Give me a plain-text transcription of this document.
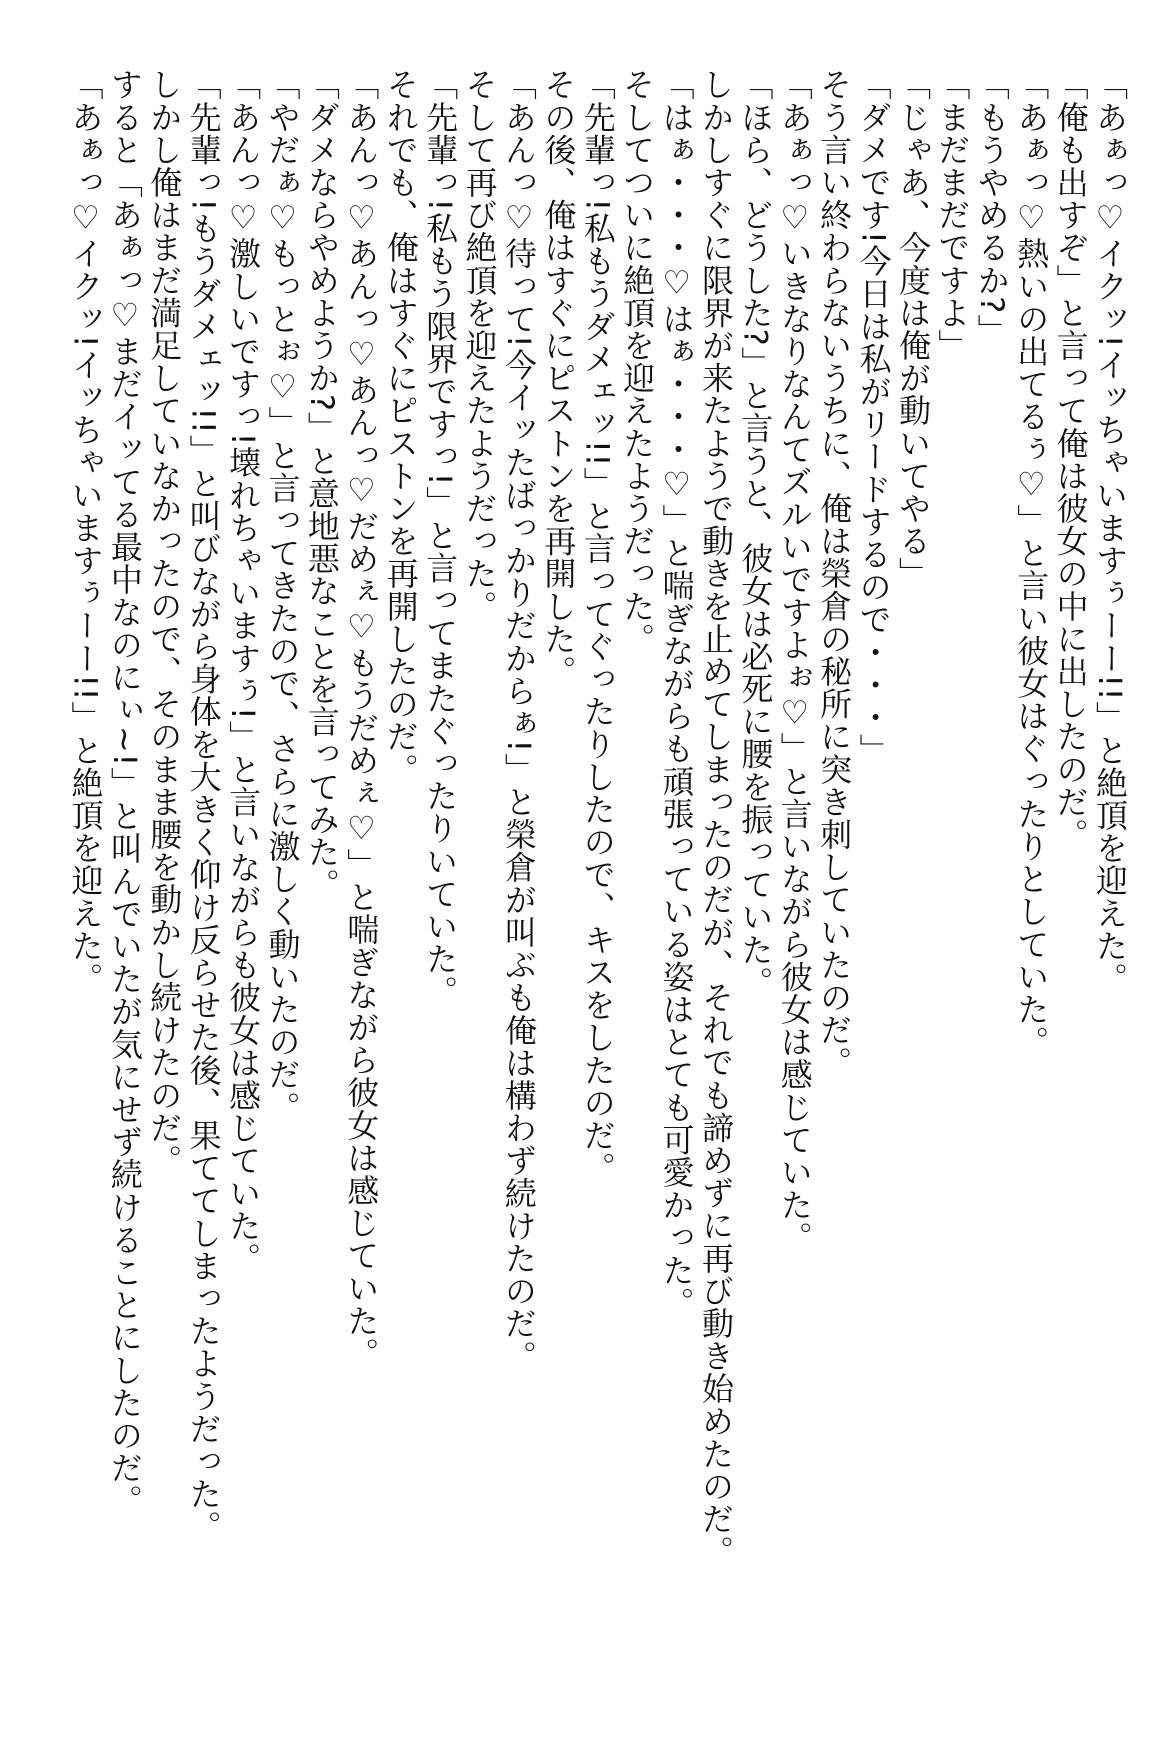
「あぁっ♡イクッ!イッちゃいますぅーー!!」と絶頂を迎えた。
「俺も出すぞ」と言って俺は彼女の中に出したのだ。
「あぁっ♡熱いの出てるぅ♡」と言い彼女はぐったりとしていた。
「もうやめるか?」
「まだまだですよ」
「じゃあ、今度は俺が動いてやる」
「ダメです!今日は私がリードするので・・・」
そう言い終わらないうちに、俺は榮倉の秘所に突き刺していたのだ。
「あぁっ♡いきなりなんてズルいですよぉ♡」と言いながら彼女は感じていた。
「ほら、どうした?」と言うと、彼女は必死に腰を振っていた。
しかしすぐに限界が来たようで動きを止めてしまったのだが、それでも諦めずに再び動き始めたのだ。
「はぁ・・・♡はぁ・・・♡」と喘ぎながらも頑張っている姿はとても可愛かった。
そしてついに絶頂を迎えたようだった。
「先輩っ!私もうダメェッ!!」と言ってぐったりしたので、キスをしたのだ。
その後、俺はすぐにピストンを再開した。
「あんっ♡待って!今イッたばっかりだからぁ!」と榮倉が叫ぶも俺は構わず続けたのだ。
そして再び絶頂を迎えたようだった。
「先輩っ!私もう限界ですっ!」と言ってまたぐったりいていた。
それでも、俺はすぐにピストンを再開したのだ。
「あんっ♡あんっ♡あんっ♡だめぇ♡もうだめぇ♡」と喘ぎながら彼女は感じていた。
「ダメならやめようか?」と意地悪なことを言ってみた。
「やだぁ♡もっとぉ♡」と言ってきたので、さらに激しく動いたのだ。
「あんっ♡激しいですっ!壊れちゃいますぅ!」と言いながらも彼女は感じていた。
「先輩っ!もうダメェッ!!」と叫びながら身体を大きく仰け反らせた後、果ててしまったようだった。
しかし俺はまだ満足していなかったので、そのまま腰を動かし続けたのだ。
すると「あぁっ♡まだイッてる最中なのにぃ~!」と叫んでいたが気にせず続けることにしたのだ。
「あぁっ♡イクッ!イッちゃいますぅーー!!」と絶頂を迎えた。
